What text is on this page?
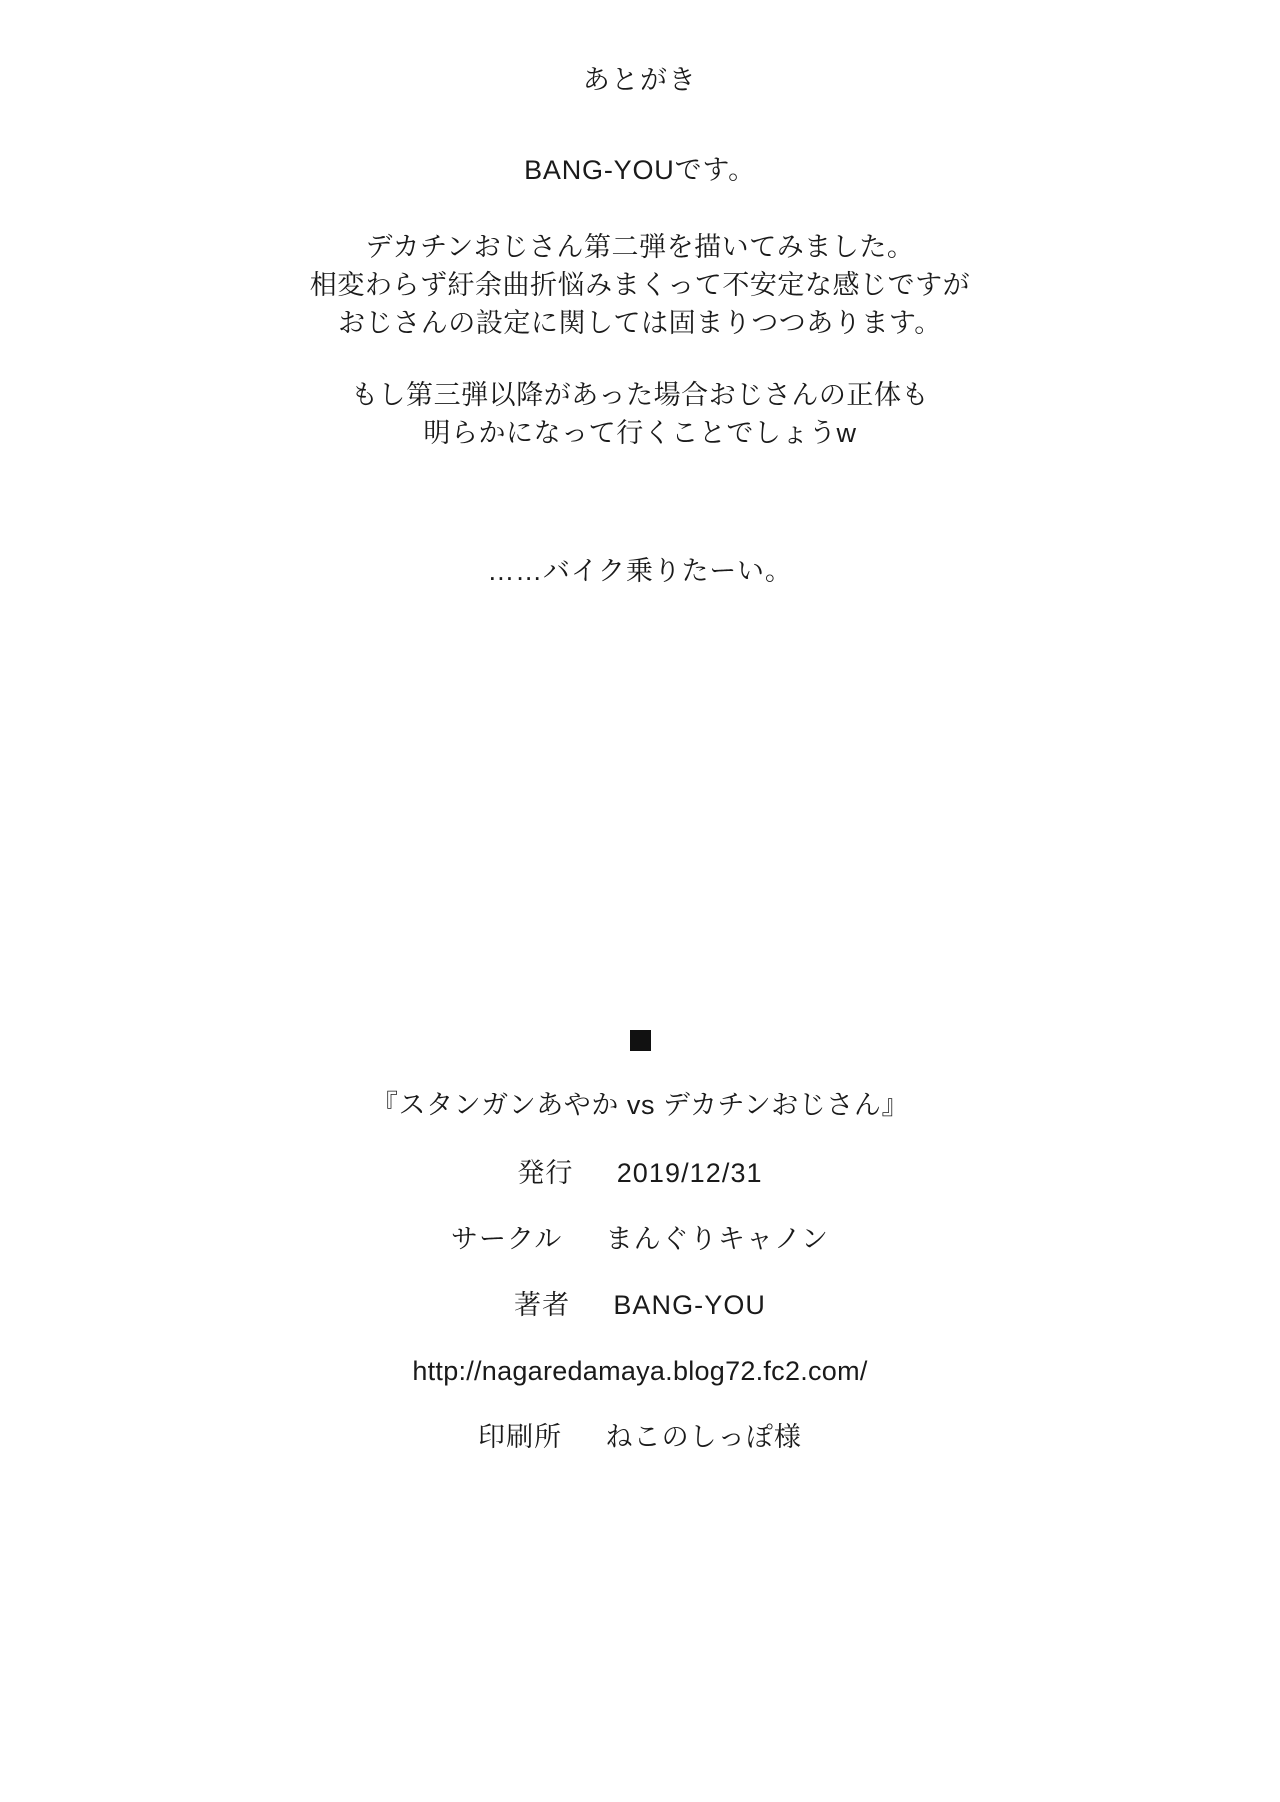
あとがき
BANG-YOUです。
デカチンおじさん第二弾を描いてみました。
相変わらず紆余曲折悩みまくって不安定な感じですが
おじさんの設定に関しては固まりつつあります。
もし第三弾以降があった場合おじさんの正体も
明らかになって行くことでしょうw
……バイク乗りたーい。
『スタンガンあやか vs デカチンおじさん』
発行 2019/12/31
サークル まんぐりキャノン
著者 BANG-YOU
http://nagaredamaya.blog72.fc2.com/
印刷所 ねこのしっぽ様
